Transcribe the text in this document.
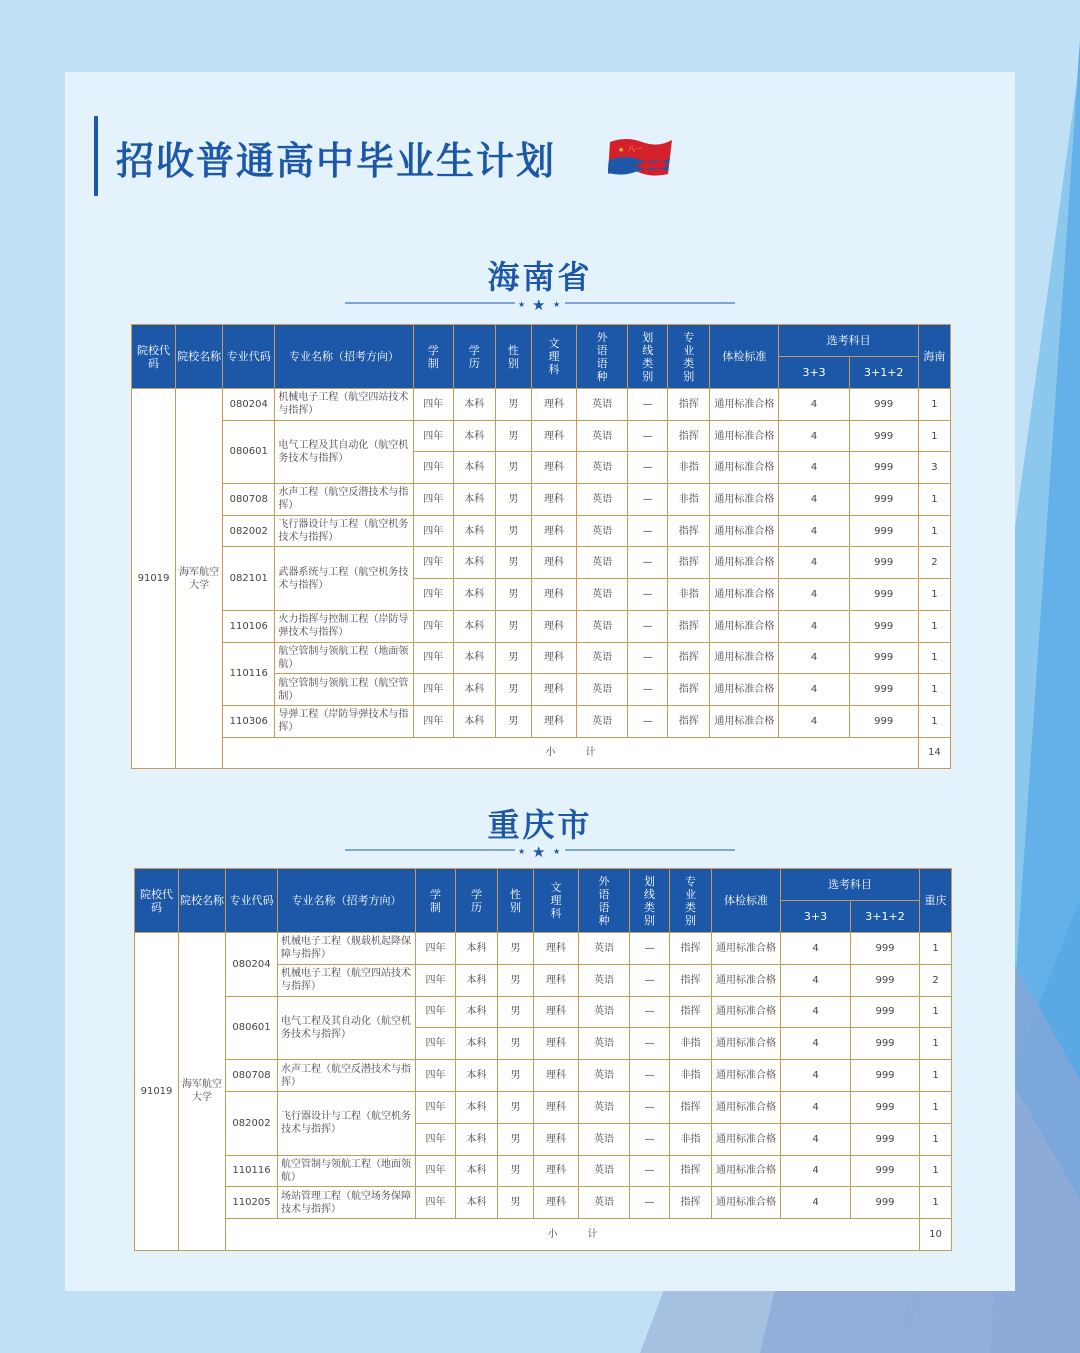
招收普通高中毕业生计划	★ 八一
海南省
★ ★ ★
院校代码	院校名称	专业代码	专业名称（招考方向）	学制	学历	性别	文理科	外语语种	划线类别	专业类别	体检标准	选考科目		海南
												3+3	3+1+2	
91019	海军航空大学	080204	机械电子工程（航空四站技术与指挥）	四年	本科	男	理科	英语	—	指挥	通用标准合格	4	999	1
		080601	电气工程及其自动化（航空机务技术与指挥）	四年	本科	男	理科	英语	—	指挥	通用标准合格	4	999	1
				四年	本科	男	理科	英语	—	非指	通用标准合格	4	999	3
		080708	水声工程（航空反潜技术与指挥）	四年	本科	男	理科	英语	—	非指	通用标准合格	4	999	1
		082002	飞行器设计与工程（航空机务技术与指挥）	四年	本科	男	理科	英语	—	指挥	通用标准合格	4	999	1
		082101	武器系统与工程（航空机务技术与指挥）	四年	本科	男	理科	英语	—	指挥	通用标准合格	4	999	2
				四年	本科	男	理科	英语	—	非指	通用标准合格	4	999	1
		110106	火力指挥与控制工程（岸防导弹技术与指挥）	四年	本科	男	理科	英语	—	指挥	通用标准合格	4	999	1
		110116	航空管制与领航工程（地面领航）	四年	本科	男	理科	英语	—	指挥	通用标准合格	4	999	1
			航空管制与领航工程（航空管制）	四年	本科	男	理科	英语	—	指挥	通用标准合格	4	999	1
		110306	导弹工程（岸防导弹技术与指挥）	四年	本科	男	理科	英语	—	指挥	通用标准合格	4	999	1
		小　　　计												14
重庆市
★ ★ ★
院校代码	院校名称	专业代码	专业名称（招考方向）	学制	学历	性别	文理科	外语语种	划线类别	专业类别	体检标准	选考科目		重庆
												3+3	3+1+2	
91019	海军航空大学	080204	机械电子工程（舰载机起降保障与指挥）	四年	本科	男	理科	英语	—	指挥	通用标准合格	4	999	1
			机械电子工程（航空四站技术与指挥）	四年	本科	男	理科	英语	—	指挥	通用标准合格	4	999	2
		080601	电气工程及其自动化（航空机务技术与指挥）	四年	本科	男	理科	英语	—	指挥	通用标准合格	4	999	1
				四年	本科	男	理科	英语	—	非指	通用标准合格	4	999	1
		080708	水声工程（航空反潜技术与指挥）	四年	本科	男	理科	英语	—	非指	通用标准合格	4	999	1
		082002	飞行器设计与工程（航空机务技术与指挥）	四年	本科	男	理科	英语	—	指挥	通用标准合格	4	999	1
				四年	本科	男	理科	英语	—	非指	通用标准合格	4	999	1
		110116	航空管制与领航工程（地面领航）	四年	本科	男	理科	英语	—	指挥	通用标准合格	4	999	1
		110205	场站管理工程（航空场务保障技术与指挥）	四年	本科	男	理科	英语	—	指挥	通用标准合格	4	999	1
		小　　　计												10
